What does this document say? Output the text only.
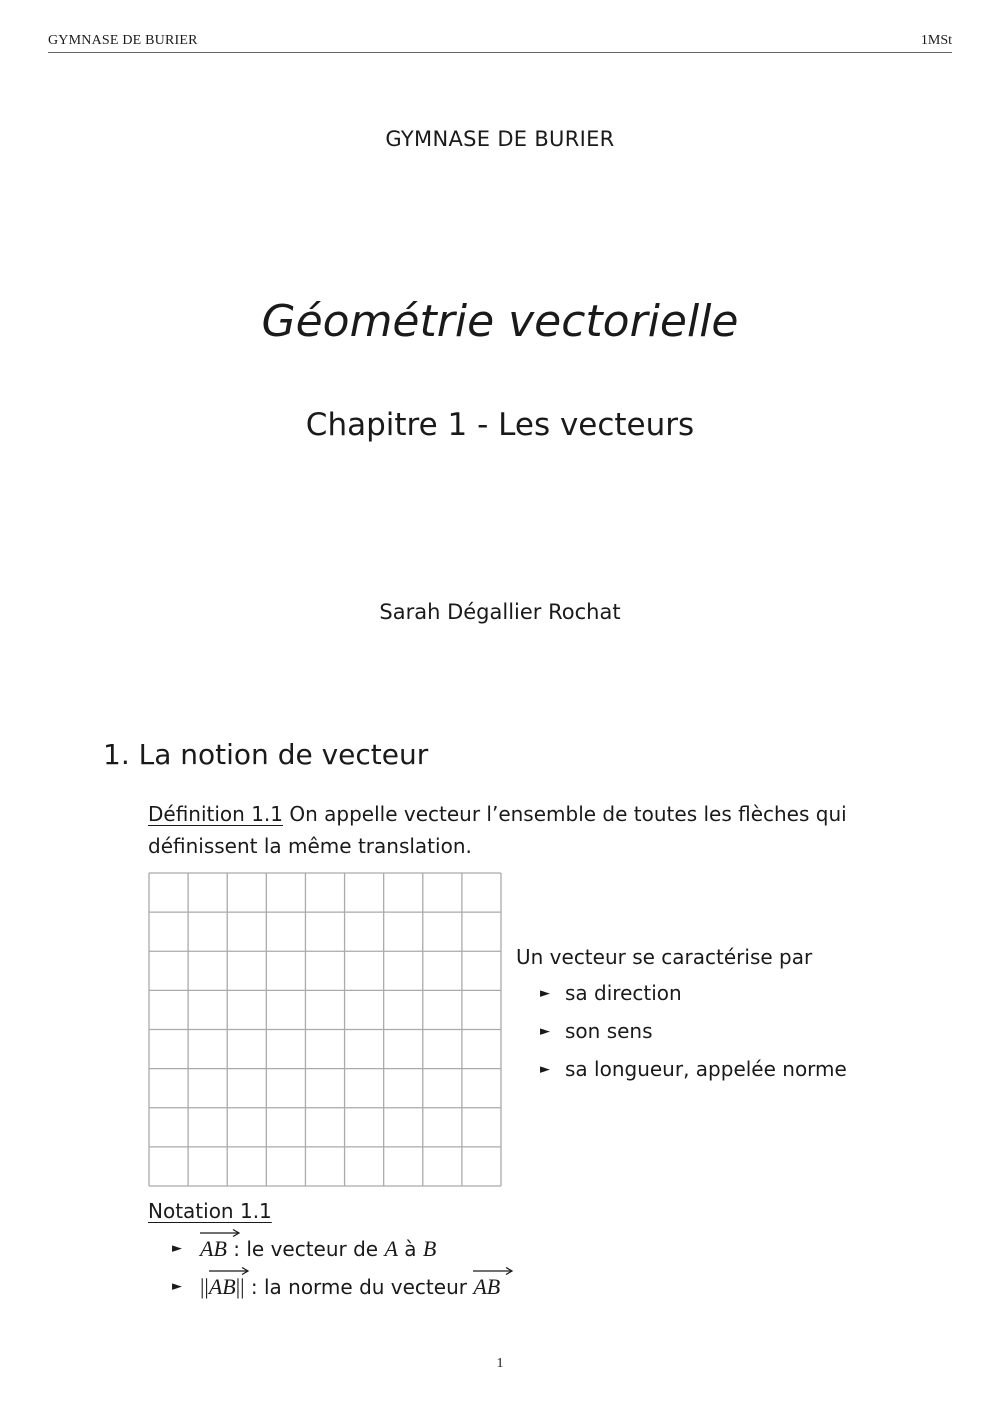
GYMNASE DE BURIER	1MSt
GYMNASE DE BURIER
Géométrie vectorielle
Chapitre 1 - Les vecteurs
Sarah Dégallier Rochat
1. La notion de vecteur
Définition 1.1 On appelle vecteur l’ensemble de toutes les flèches qui définissent la même translation.
Un vecteur se caractérise par
► sa direction
► son sens
► sa longueur, appelée norme
Notation 1.1
► AB : le vecteur de A à B
► ||
AB|| : la norme du vecteur
AB
1
